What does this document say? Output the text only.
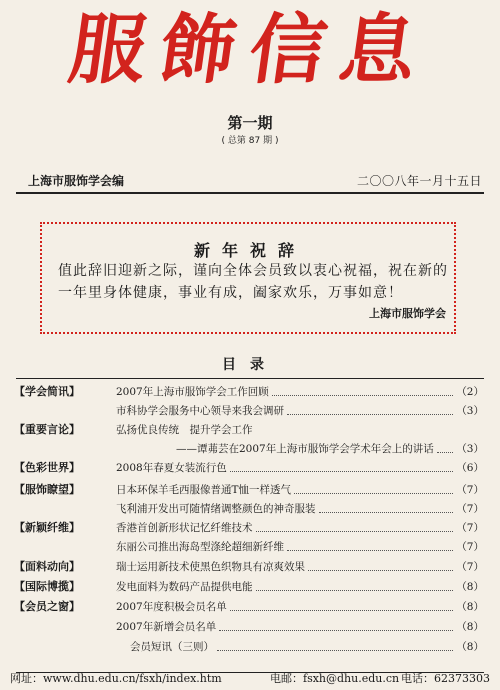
服飾信息
第一期
( 总第 87 期 )
上海市服饰学会编	二〇〇八年一月十五日
新年祝辞
值此辞旧迎新之际，谨向全体会员致以衷心祝福，祝在新的一年里身体健康，事业有成，阖家欢乐，万事如意！
上海市服饰学会
目录
【学会简讯】	2007年上海市服饰学会工作回顾	（2）
市科协学会服务中心领导来我会调研	（3）
【重要言论】	弘扬优良传统　提升学会工作
——谭茀芸在2007年上海市服饰学会学术年会上的讲话 （3）
【色彩世界】	2008年春夏女装流行色	（6）
【服饰瞭望】	日本环保羊毛西服像普通T恤一样透气	（7）
飞利浦开发出可随情绪调整颜色的神奇服装	（7）
【新颖纤维】	香港首创新形状记忆纤维技术	（7）
东丽公司推出海岛型涤纶超细新纤维	（7）
【面料动向】	瑞士运用新技术使黑色织物具有凉爽效果	（7）
【国际博揽】	发电面料为数码产品提供电能	（8）
【会员之窗】	2007年度积极会员名单	（8）
2007年新增会员名单	（8）
会员短讯（三则）	（8）
网址：www.dhu.edu.cn/fsxh/index.htm	电邮：fsxh@dhu.edu.cn 电话：62373303
